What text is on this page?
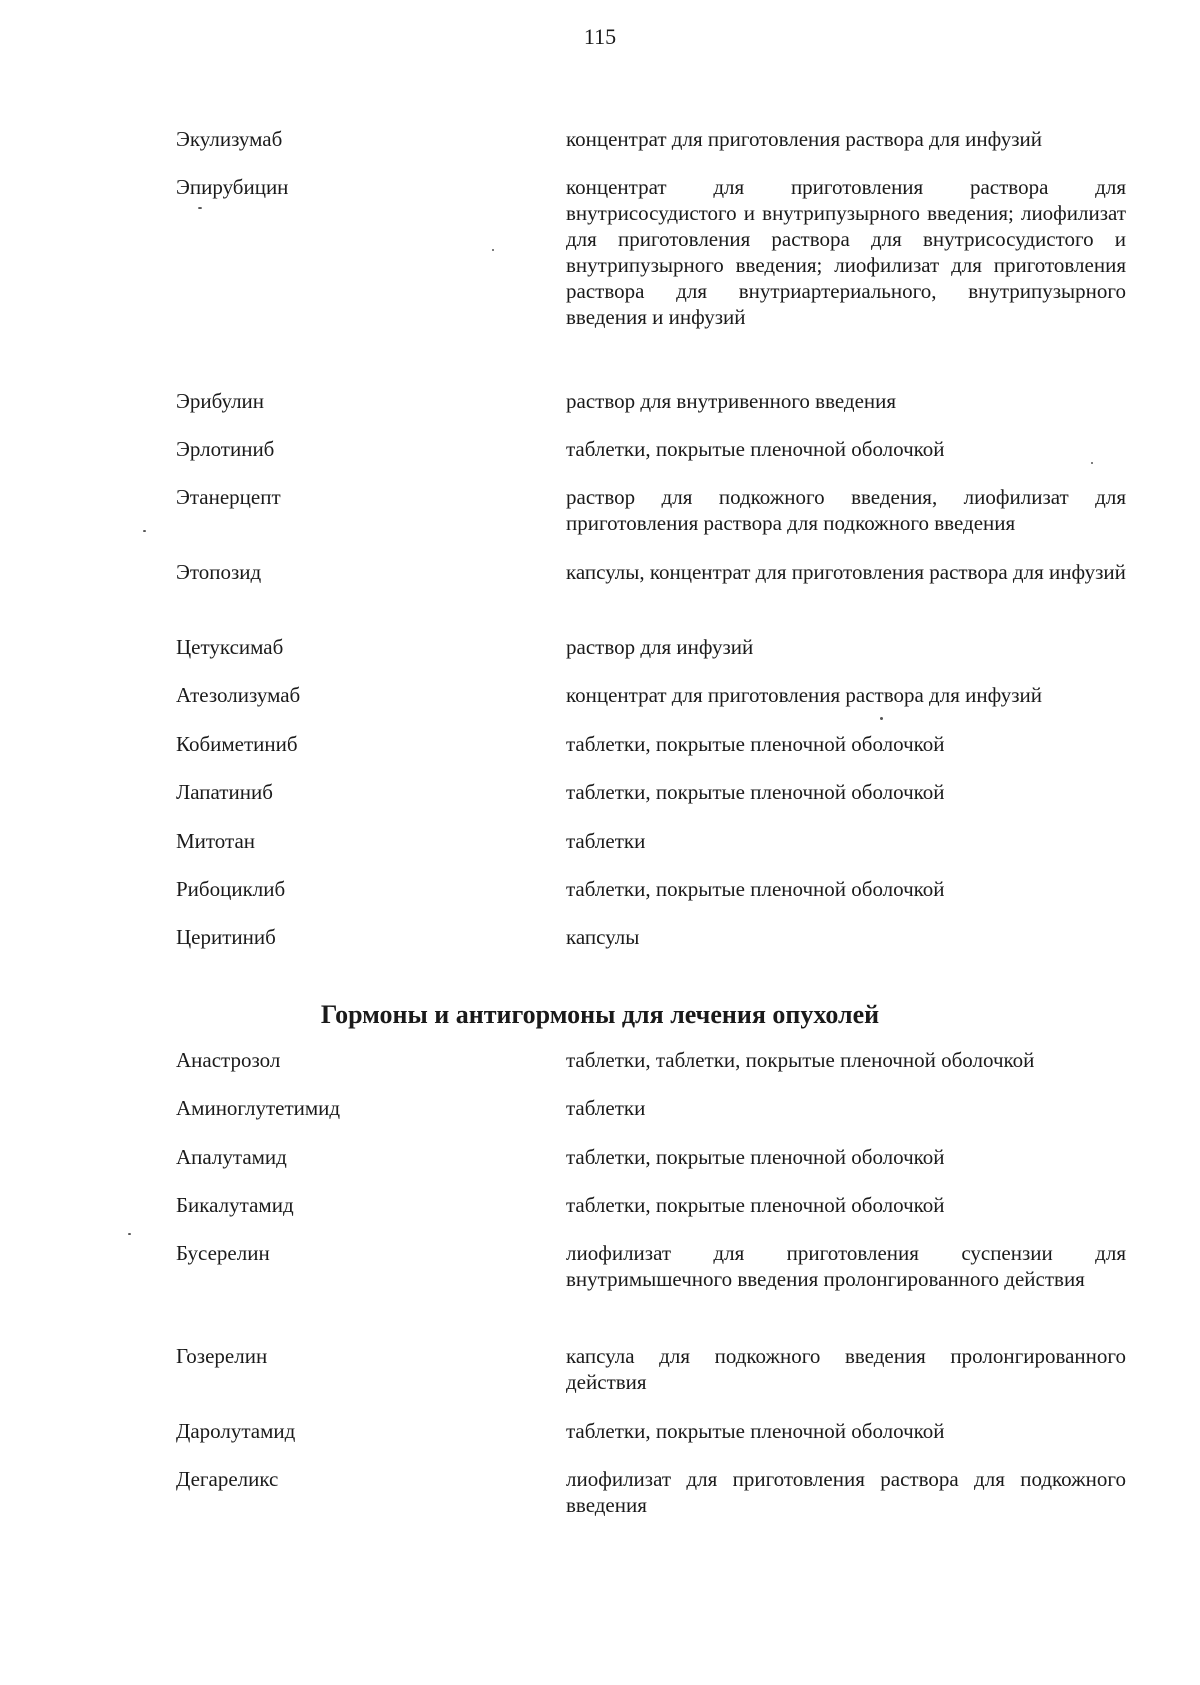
115
Экулизумаб	концентрат для приготовления раствора для инфузий
Эпирубицин	концентрат для приготовления раствора для внутрисосудистого и внутрипузырного введения; лиофилизат для приготовления раствора для внутрисосудистого и внутрипузырного введения; лиофилизат для приготовления раствора для внутриартериального, внутрипузырного введения и инфузий
Эрибулин	раствор для внутривенного введения
Эрлотиниб	таблетки, покрытые пленочной оболочкой
Этанерцепт	раствор для подкожного введения, лиофилизат для приготовления раствора для подкожного введения
Этопозид	капсулы, концентрат для приготовления раствора для инфузий
Цетуксимаб	раствор для инфузий
Атезолизумаб	концентрат для приготовления раствора для инфузий
Кобиметиниб	таблетки, покрытые пленочной оболочкой
Лапатиниб	таблетки, покрытые пленочной оболочкой
Митотан	таблетки
Рибоциклиб	таблетки, покрытые пленочной оболочкой
Церитиниб	капсулы
Гормоны и антигормоны для лечения опухолей
Анастрозол	таблетки, таблетки, покрытые пленочной оболочкой
Аминоглутетимид	таблетки
Апалутамид	таблетки, покрытые пленочной оболочкой
Бикалутамид	таблетки, покрытые пленочной оболочкой
Бусерелин	лиофилизат для приготовления суспензии для внутримышечного введения пролонгированного действия
Гозерелин	капсула для подкожного введения пролонгированного действия
Даролутамид	таблетки, покрытые пленочной оболочкой
Дегареликс	лиофилизат для приготовления раствора для подкожного введения
